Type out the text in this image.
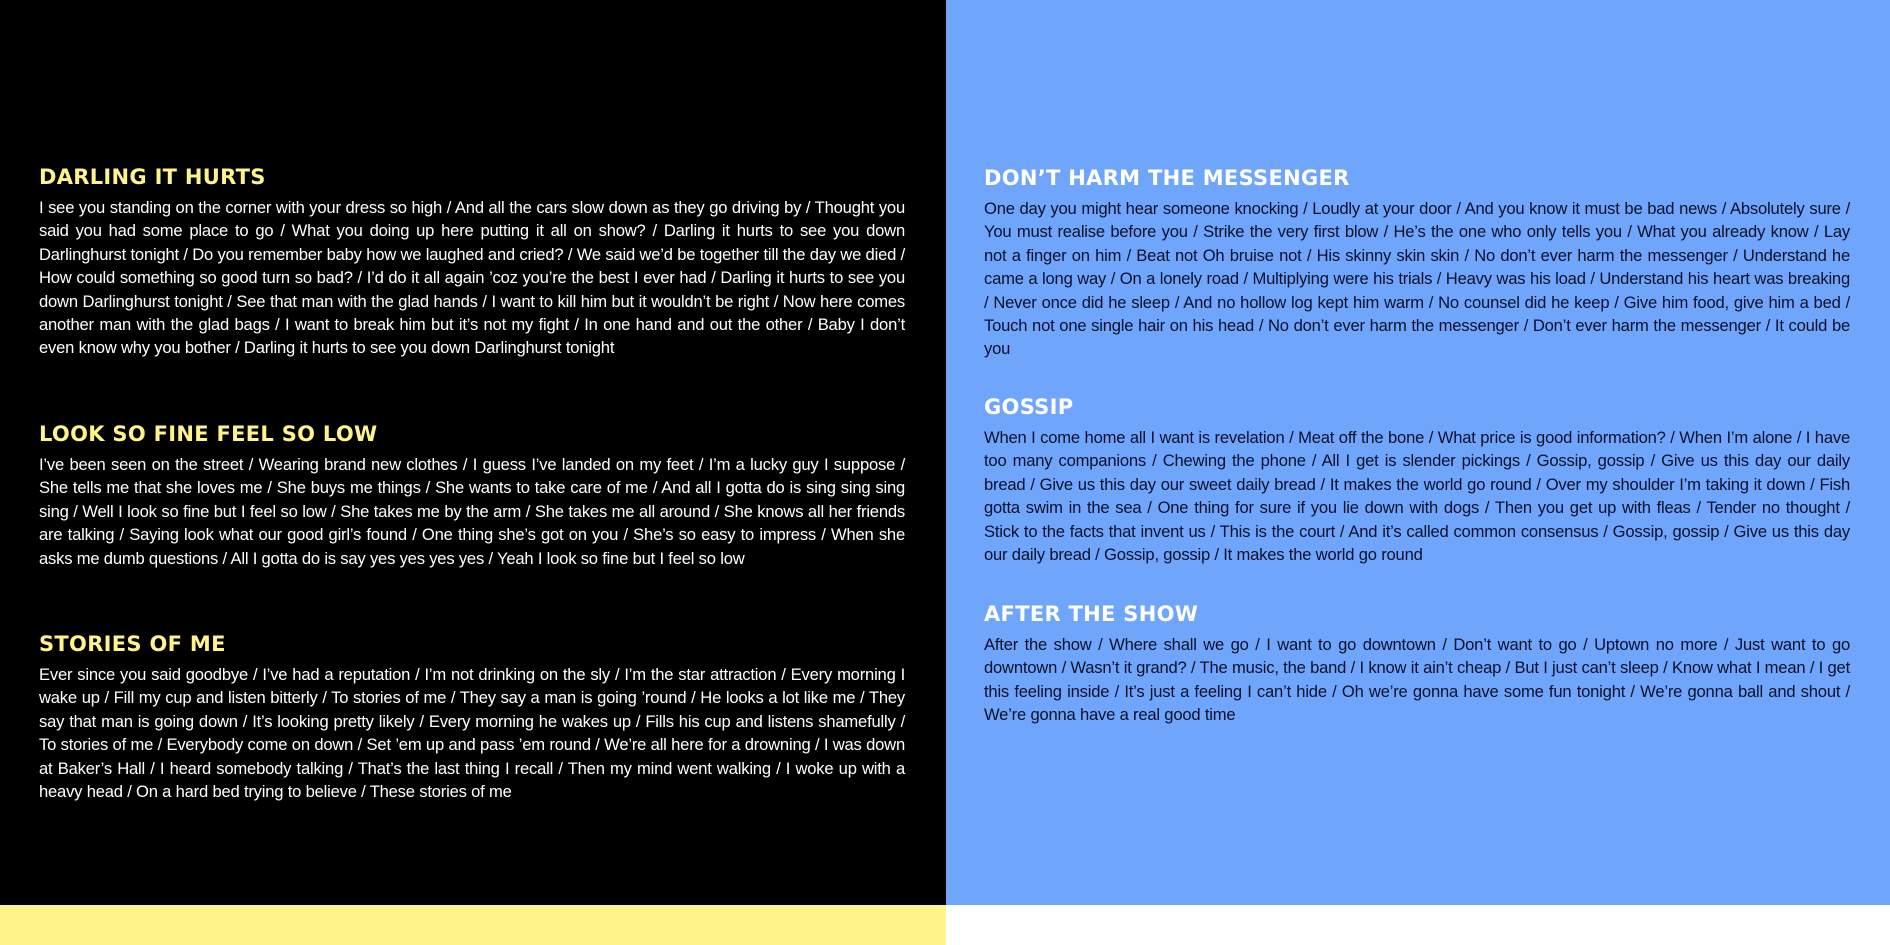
DARLING IT HURTS

I see you standing on the corner with your dress so high / And all the cars slow down as they go driving by / Thought you said you had some place to go / What you doing up here putting it all on show? / Darling it hurts to see you down Darlinghurst tonight / Do you remember baby how we laughed and cried? / We said we’d be together till the day we died / How could something so good turn so bad? / I’d do it all again ’coz you’re the best I ever had / Darling it hurts to see you down Darlinghurst tonight / See that man with the glad hands / I want to kill him but it wouldn’t be right / Now here comes another man with the glad bags / I want to break him but it’s not my fight / In one hand and out the other / Baby I don’t even know why you bother / Darling it hurts to see you down Darlinghurst tonight

LOOK SO FINE FEEL SO LOW

I’ve been seen on the street / Wearing brand new clothes / I guess I’ve landed on my feet / I’m a lucky guy I suppose / She tells me that she loves me / She buys me things / She wants to take care of me / And all I gotta do is sing sing sing sing / Well I look so fine but I feel so low / She takes me by the arm / She takes me all around / She knows all her friends are talking / Saying look what our good girl’s found / One thing she’s got on you / She’s so easy to impress / When she asks me dumb questions / All I gotta do is say yes yes yes yes / Yeah I look so fine but I feel so low

STORIES OF ME

Ever since you said goodbye / I’ve had a reputation / I’m not drinking on the sly / I’m the star attraction / Every morning I wake up / Fill my cup and listen bitterly / To stories of me / They say a man is going ’round / He looks a lot like me / They say that man is going down / It’s looking pretty likely / Every morning he wakes up / Fills his cup and listens shamefully / To stories of me / Everybody come on down / Set ’em up and pass ’em round / We’re all here for a drowning / I was down at Baker’s Hall / I heard somebody talking / That’s the last thing I recall / Then my mind went walking / I woke up with a heavy head / On a hard bed trying to believe / These stories of me

DON’T HARM THE MESSENGER

One day you might hear someone knocking / Loudly at your door / And you know it must be bad news / Absolutely sure / You must realise before you / Strike the very first blow / He’s the one who only tells you / What you already know / Lay not a finger on him / Beat not Oh bruise not / His skinny skin skin / No don’t ever harm the messenger / Understand he came a long way / On a lonely road / Multiplying were his trials / Heavy was his load / Understand his heart was breaking / Never once did he sleep / And no hollow log kept him warm / No counsel did he keep / Give him food, give him a bed / Touch not one single hair on his head / No don’t ever harm the messenger / Don’t ever harm the messenger / It could be you

GOSSIP

When I come home all I want is revelation / Meat off the bone / What price is good information? / When I’m alone / I have too many companions / Chewing the phone / All I get is slender pickings / Gossip, gossip / Give us this day our daily bread / Give us this day our sweet daily bread / It makes the world go round / Over my shoulder I’m taking it down / Fish gotta swim in the sea / One thing for sure if you lie down with dogs / Then you get up with fleas / Tender no thought / Stick to the facts that invent us / This is the court / And it’s called common consensus / Gossip, gossip / Give us this day our daily bread / Gossip, gossip / It makes the world go round

AFTER THE SHOW

After the show / Where shall we go / I want to go downtown / Don’t want to go / Uptown no more / Just want to go downtown / Wasn’t it grand? / The music, the band / I know it ain’t cheap / But I just can’t sleep / Know what I mean / I get this feeling inside / It’s just a feeling I can’t hide / Oh we’re gonna have some fun tonight / We’re gonna ball and shout / We’re gonna have a real good time
